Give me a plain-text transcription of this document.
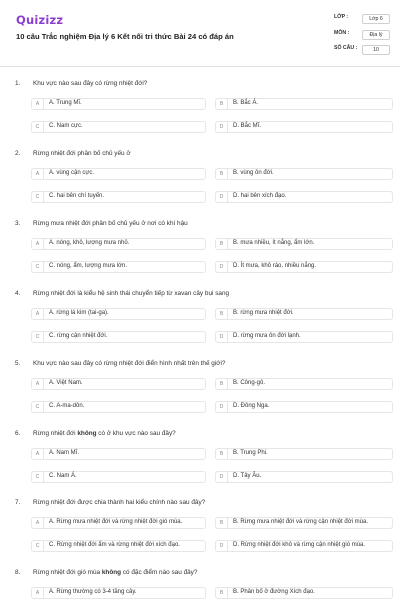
Quizizz
10 câu Trắc nghiệm Địa lý 6 Kết nối tri thức Bài 24 có đáp án
LỚP :	Lớp 6
MÔN :	Địa lý
SỐ CÂU :	10
1. Khu vực nào sau đây có rừng nhiệt đới?
A	A. Trung Mĩ.	B	B. Bắc Á.
C	C. Nam cực.	D	D. Bắc Mĩ.
2. Rừng nhiệt đới phân bố chủ yếu ở
A	A. vùng cận cực.	B	B. vùng ôn đới.
C	C. hai bên chí tuyến.	D	D. hai bên xích đạo.
3. Rừng mưa nhiệt đới phân bố chủ yếu ở nơi có khí hậu
A	A. nóng, khô, lượng mưa nhỏ.	B	B. mưa nhiều, ít nắng, ẩm lớn.
C	C. nóng, ẩm, lượng mưa lớn.	D	D. Ít mưa, khô ráo, nhiều nắng.
4. Rừng nhiệt đới là kiểu hệ sinh thái chuyển tiếp từ xavan cây bụi sang
A	A. rừng lá kim (tai-ga).	B	B. rừng mưa nhiệt đới.
C	C. rừng cận nhiệt đới.	D	D. rừng mưa ôn đới lạnh.
5. Khu vực nào sau đây có rừng nhiệt đới điển hình nhất trên thế giới?
A	A. Việt Nam.	B	B. Công-gô.
C	C. A-ma-dôn.	D	D. Đông Nga.
6. Rừng nhiệt đới không có ở khu vực nào sau đây?
A	A. Nam Mĩ.	B	B. Trung Phi.
C	C. Nam Á.	D	D. Tây Âu.
7. Rừng nhiệt đới được chia thành hai kiểu chính nào sau đây?
A	A. Rừng mưa nhiệt đới và rừng nhiệt đới gió mùa.	B	B. Rừng mưa nhiệt đới và rừng cận nhiệt đới mùa.
C	C. Rừng nhiệt đới ẩm và rừng nhiệt đới xích đạo.	D	D. Rừng nhiệt đới khô và rừng cận nhiệt gió mùa.
8. Rừng nhiệt đới gió mùa không có đặc điểm nào sau đây?
A	A. Rừng thường có 3-4 tầng cây.	B	B. Phân bố ở đường Xích đạo.
